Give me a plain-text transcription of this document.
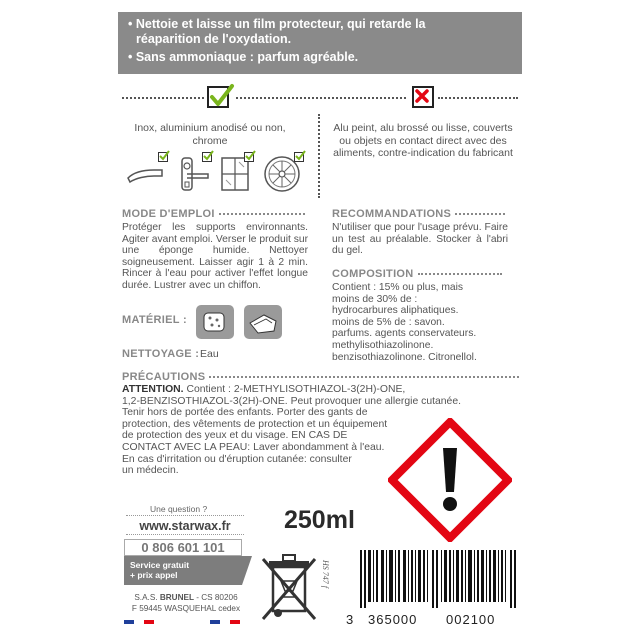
• Nettoie et laisse un film protecteur, qui retarde la
réaparition de l'oxydation.
• Sans ammoniaque : parfum agréable.
Inox, aluminium anodisé ou non, chrome
Alu peint, alu brossé ou lisse, couverts ou objets en contact direct avec des aliments, contre-indication du fabricant
MODE D'EMPLOI
Protéger les supports environnants. Agiter avant emploi. Verser le produit sur une éponge humide. Nettoyer soigneusement. Laisser agir 1 à 2 min. Rincer à l'eau pour activer l'effet longue durée. Lustrer avec un chiffon.
MATÉRIEL :
NETTOYAGE : Eau
RECOMMANDATIONS
N'utiliser que pour l'usage prévu. Faire un test au préalable. Stocker à l'abri du gel.
COMPOSITION
Contient : 15% ou plus, mais
moins de 30% de :
hydrocarbures aliphatiques.
moins de 5% de : savon.
parfums. agents conservateurs.
methylisothiazolinone.
benzisothiazolinone. Citronellol.
PRÉCAUTIONS
ATTENTION. Contient : 2-METHYLISOTHIAZOL-3(2H)-ONE,
1,2-BENZISOTHIAZOL-3(2H)-ONE. Peut provoquer une allergie cutanée.
Tenir hors de portée des enfants. Porter des gants de
protection, des vêtements de protection et un équipement
de protection des yeux et du visage. EN CAS DE
CONTACT AVEC LA PEAU: Laver abondamment à l'eau.
En cas d'irritation ou d'éruption cutanée: consulter
un médecin.
Une question ?
www.starwax.fr	250ml
0 806 601 101
Service gratuit
+ prix appel
S.A.S. BRUNEL - CS 80206
F 59445 WASQUEHAL cedex
HS 747 f
3 365000 002100
